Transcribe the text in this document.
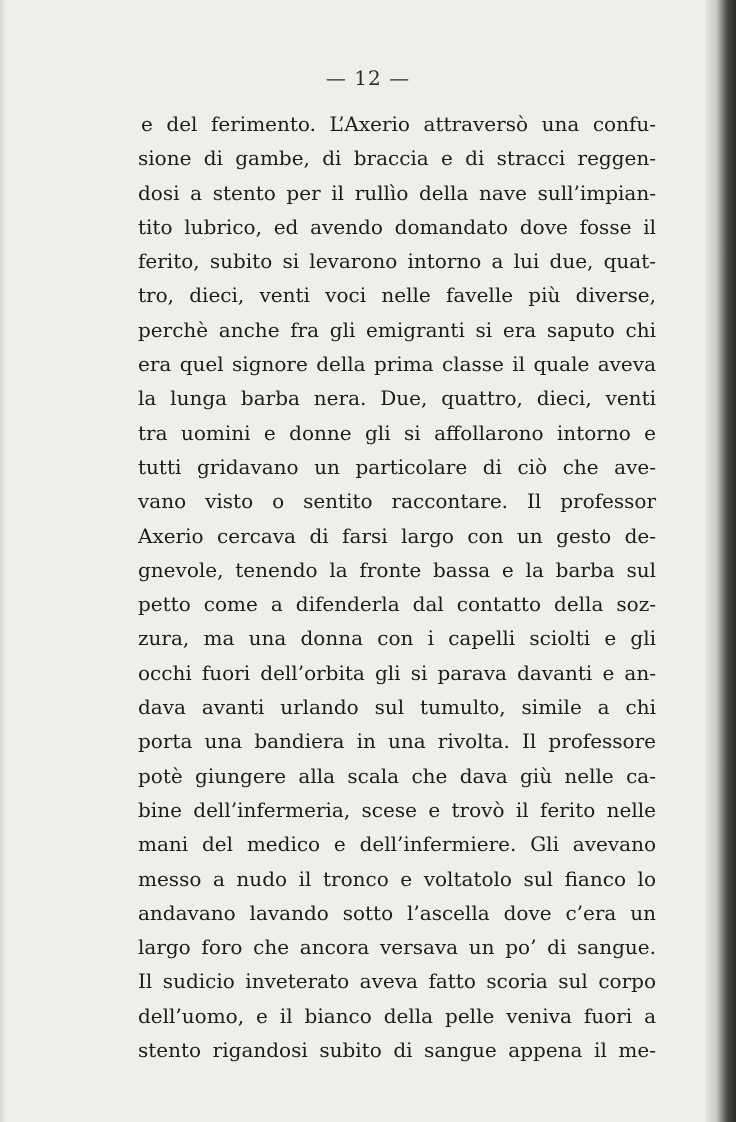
— 12 —
e del ferimento. L’Axerio attraversò una confu-
sione di gambe, di braccia e di stracci reggen-
dosi a stento per il rullìo della nave sull’impian-
tito lubrico, ed avendo domandato dove fosse il
ferito, subito si levarono intorno a lui due, quat-
tro, dieci, venti voci nelle favelle più diverse,
perchè anche fra gli emigranti si era saputo chi
era quel signore della prima classe il quale aveva
la lunga barba nera. Due, quattro, dieci, venti
tra uomini e donne gli si affollarono intorno e
tutti gridavano un particolare di ciò che ave-
vano visto o sentito raccontare. Il professor
Axerio cercava di farsi largo con un gesto de-
gnevole, tenendo la fronte bassa e la barba sul
petto come a difenderla dal contatto della soz-
zura, ma una donna con i capelli sciolti e gli
occhi fuori dell’orbita gli si parava davanti e an-
dava avanti urlando sul tumulto, simile a chi
porta una bandiera in una rivolta. Il professore
potè giungere alla scala che dava giù nelle ca-
bine dell’infermeria, scese e trovò il ferito nelle
mani del medico e dell’infermiere. Gli avevano
messo a nudo il tronco e voltatolo sul fianco lo
andavano lavando sotto l’ascella dove c’era un
largo foro che ancora versava un po’ di sangue.
Il sudicio inveterato aveva fatto scoria sul corpo
dell’uomo, e il bianco della pelle veniva fuori a
stento rigandosi subito di sangue appena il me-
